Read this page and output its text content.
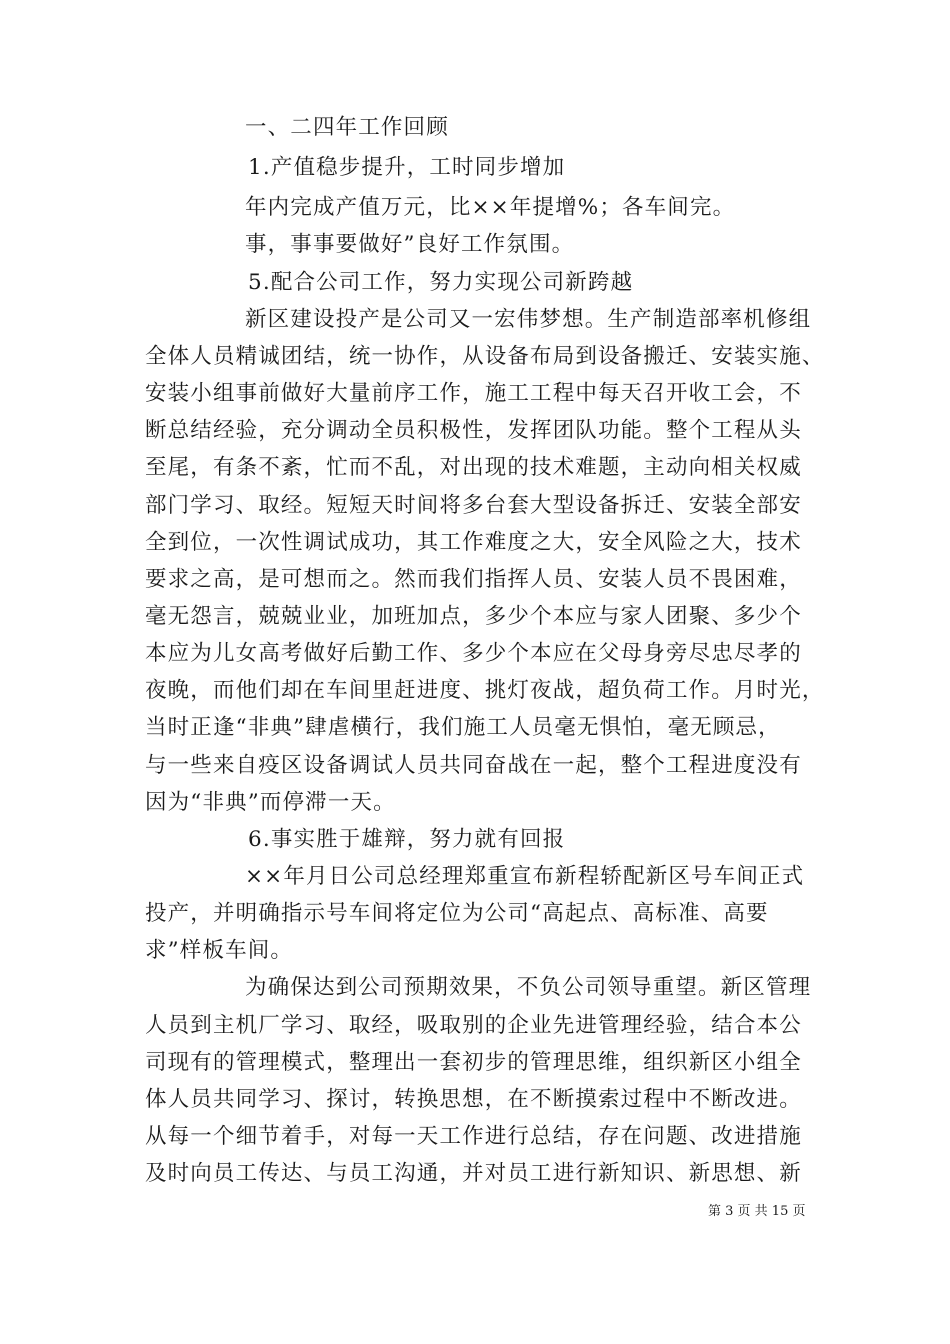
一、二四年工作回顾
1.产值稳步提升，工时同步增加
年内完成产值万元，比××年提增%；各车间完。
事，事事要做好”良好工作氛围。
5.配合公司工作，努力实现公司新跨越
新区建设投产是公司又一宏伟梦想。生产制造部率机修组
全体人员精诚团结，统一协作，从设备布局到设备搬迁、安装实施、
安装小组事前做好大量前序工作，施工工程中每天召开收工会，不
断总结经验，充分调动全员积极性，发挥团队功能。整个工程从头
至尾，有条不紊，忙而不乱，对出现的技术难题，主动向相关权威
部门学习、取经。短短天时间将多台套大型设备拆迁、安装全部安
全到位，一次性调试成功，其工作难度之大，安全风险之大，技术
要求之高，是可想而之。然而我们指挥人员、安装人员不畏困难，
毫无怨言，兢兢业业，加班加点，多少个本应与家人团聚、多少个
本应为儿女高考做好后勤工作、多少个本应在父母身旁尽忠尽孝的
夜晚，而他们却在车间里赶进度、挑灯夜战，超负荷工作。月时光，
当时正逢“非典”肆虐横行，我们施工人员毫无惧怕，毫无顾忌，
与一些来自疫区设备调试人员共同奋战在一起，整个工程进度没有
因为“非典”而停滞一天。
6.事实胜于雄辩，努力就有回报
××年月日公司总经理郑重宣布新程轿配新区号车间正式
投产，并明确指示号车间将定位为公司“高起点、高标准、高要
求”样板车间。
为确保达到公司预期效果，不负公司领导重望。新区管理
人员到主机厂学习、取经，吸取别的企业先进管理经验，结合本公
司现有的管理模式，整理出一套初步的管理思维，组织新区小组全
体人员共同学习、探讨，转换思想，在不断摸索过程中不断改进。
从每一个细节着手，对每一天工作进行总结，存在问题、改进措施
及时向员工传达、与员工沟通，并对员工进行新知识、新思想、新
第 3 页 共 15 页
